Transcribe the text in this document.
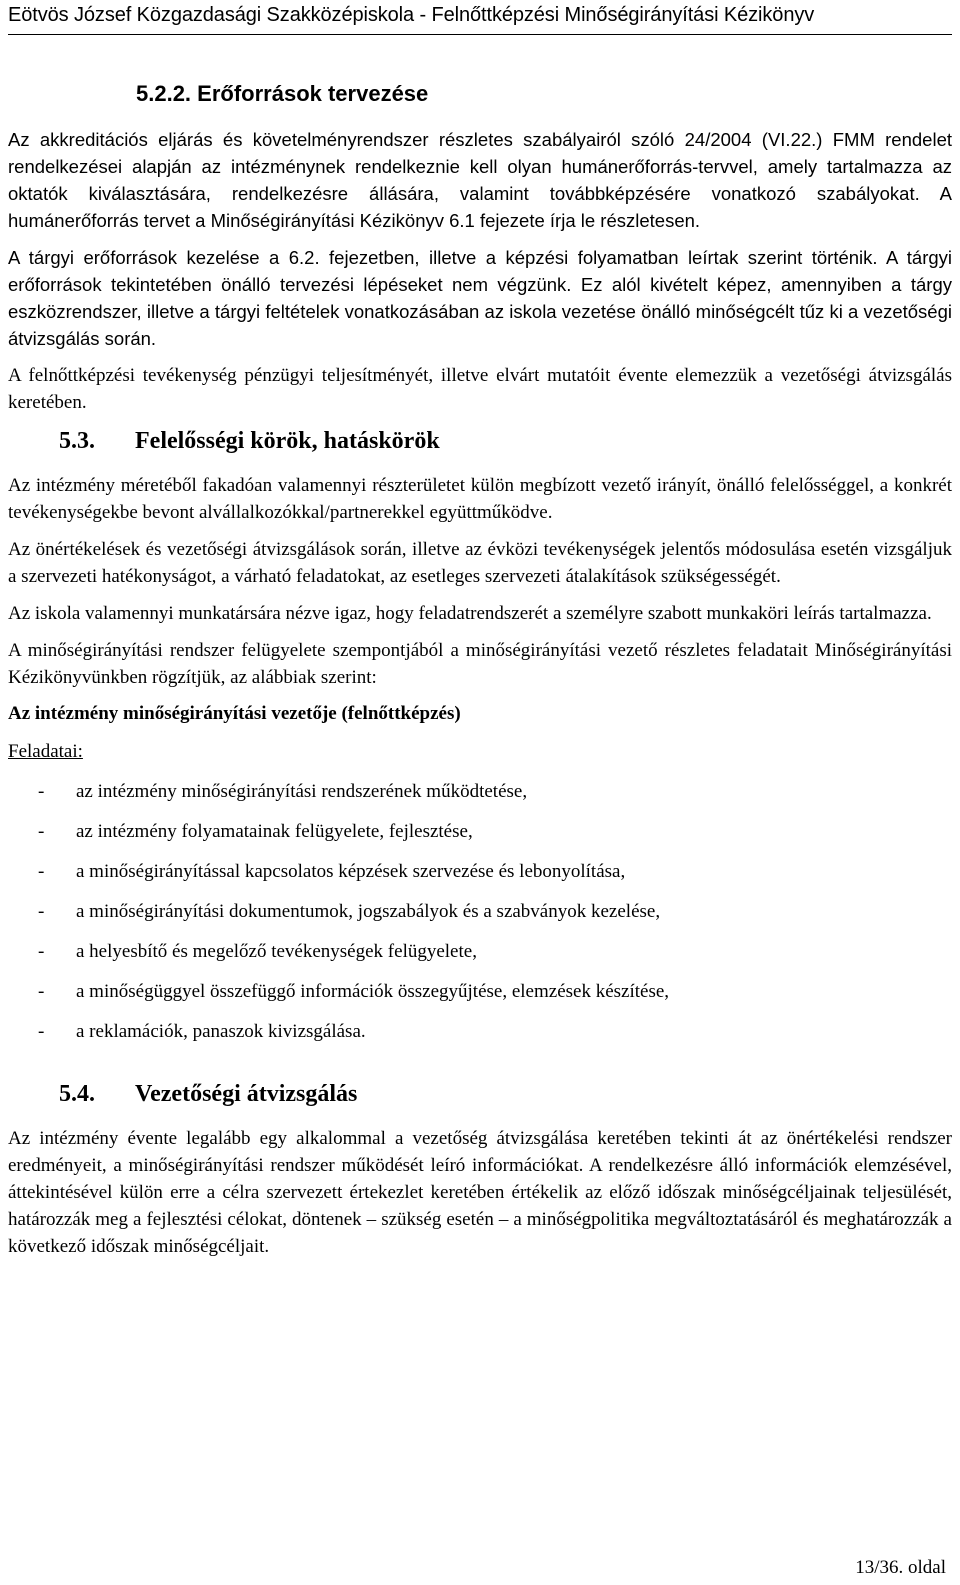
Eötvös József Közgazdasági Szakközépiskola - Felnőttképzési Minőségirányítási Kézikönyv
5.2.2. Erőforrások tervezése

Az akkreditációs eljárás és követelményrendszer részletes szabályairól szóló 24/2004 (VI.22.) FMM rendelet rendelkezései alapján az intézménynek rendelkeznie kell olyan humánerőforrás-tervvel, amely tartalmazza az oktatók kiválasztására, rendelkezésre állására, valamint továbbképzésére vonatkozó szabályokat. A humánerőforrás tervet a Minőségirányítási Kézikönyv 6.1 fejezete írja le részletesen.

A tárgyi erőforrások kezelése a 6.2. fejezetben, illetve a képzési folyamatban leírtak szerint történik. A tárgyi erőforrások tekintetében önálló tervezési lépéseket nem végzünk. Ez alól kivételt képez, amennyiben a tárgy eszközrendszer, illetve a tárgyi feltételek vonatkozásában az iskola vezetése önálló minőségcélt tűz ki a vezetőségi átvizsgálás során.

A felnőttképzési tevékenység pénzügyi teljesítményét, illetve elvárt mutatóit évente elemezzük a vezetőségi átvizsgálás keretében.

5.3. Felelősségi körök, hatáskörök

Az intézmény méretéből fakadóan valamennyi részterületet külön megbízott vezető irányít, önálló felelősséggel, a konkrét tevékenységekbe bevont alvállalkozókkal/partnerekkel együttműködve.

Az önértékelések és vezetőségi átvizsgálások során, illetve az évközi tevékenységek jelentős módosulása esetén vizsgáljuk a szervezeti hatékonyságot, a várható feladatokat, az esetleges szervezeti átalakítások szükségességét.

Az iskola valamennyi munkatársára nézve igaz, hogy feladatrendszerét a személyre szabott munkaköri leírás tartalmazza.

A minőségirányítási rendszer felügyelete szempontjából a minőségirányítási vezető részletes feladatait Minőségirányítási Kézikönyvünkben rögzítjük, az alábbiak szerint:

Az intézmény minőségirányítási vezetője (felnőttképzés)
Feladatai:
-	az intézmény minőségirányítási rendszerének működtetése,
-	az intézmény folyamatainak felügyelete, fejlesztése,
-	a minőségirányítással kapcsolatos képzések szervezése és lebonyolítása,
-	a minőségirányítási dokumentumok, jogszabályok és a szabványok kezelése,
-	a helyesbítő és megelőző tevékenységek felügyelete,
-	a minőségüggyel összefüggő információk összegyűjtése, elemzések készítése,
-	a reklamációk, panaszok kivizsgálása.
5.4. Vezetőségi átvizsgálás

Az intézmény évente legalább egy alkalommal a vezetőség átvizsgálása keretében tekinti át az önértékelési rendszer eredményeit, a minőségirányítási rendszer működését leíró információkat. A rendelkezésre álló információk elemzésével, áttekintésével külön erre a célra szervezett értekezlet keretében értékelik az előző időszak minőségcéljainak teljesülését, határozzák meg a fejlesztési célokat, döntenek – szükség esetén – a minőségpolitika megváltoztatásáról és meghatározzák a következő időszak minőségcéljait.

13/36. oldal
